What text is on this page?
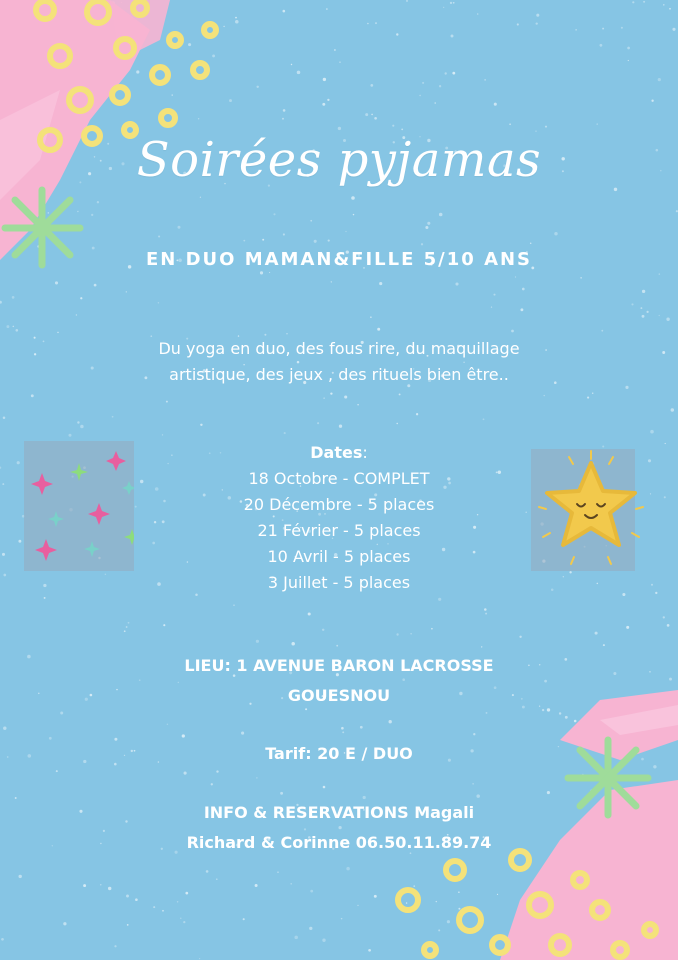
Soirées pyjamas
EN DUO MAMAN&FILLE 5/10 ANS
Du yoga en duo, des fous rire, du maquillage artistique, des jeux , des rituels bien être..
Dates:
18 Octobre - COMPLET
20 Décembre - 5 places
21 Février - 5 places
10 Avril - 5 places
3 Juillet - 5 places
LIEU: 1 AVENUE BARON LACROSSE
GOUESNOU
Tarif: 20 E / DUO
INFO & RESERVATIONS Magali
Richard & Corinne 06.50.11.89.74
